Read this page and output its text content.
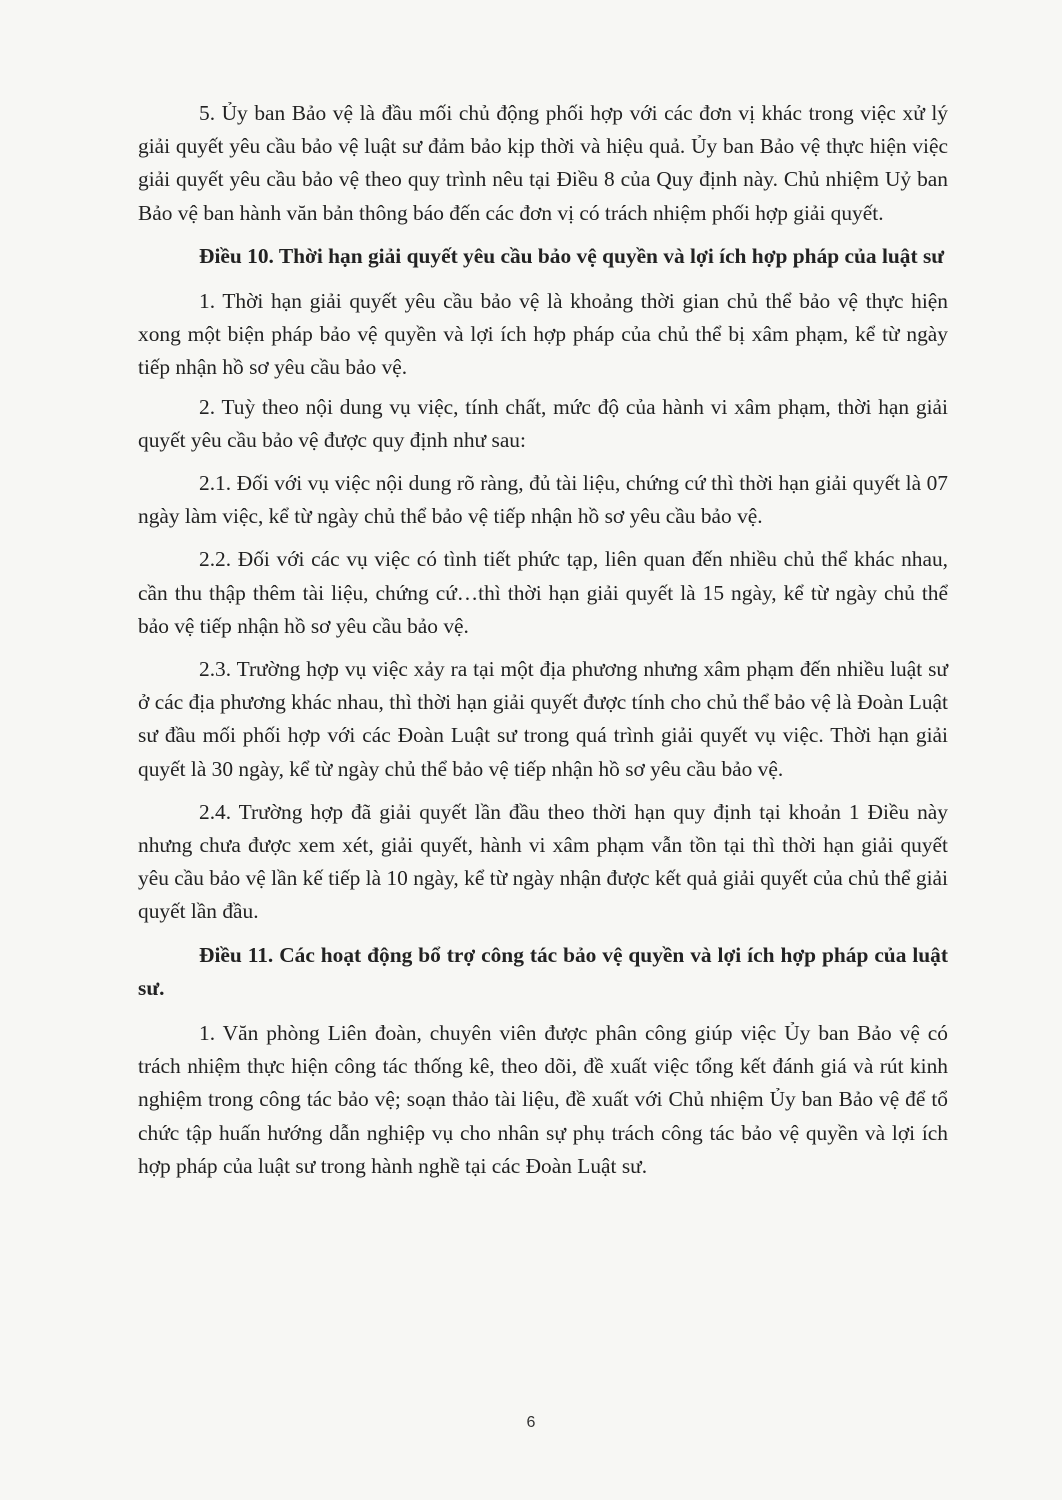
5. Ủy ban Bảo vệ là đầu mối chủ động phối hợp với các đơn vị khác trong việc xử lý giải quyết yêu cầu bảo vệ luật sư đảm bảo kịp thời và hiệu quả. Ủy ban Bảo vệ thực hiện việc giải quyết yêu cầu bảo vệ theo quy trình nêu tại Điều 8 của Quy định này. Chủ nhiệm Uỷ ban Bảo vệ ban hành văn bản thông báo đến các đơn vị có trách nhiệm phối hợp giải quyết.

Điều 10. Thời hạn giải quyết yêu cầu bảo vệ quyền và lợi ích hợp pháp của luật sư

1. Thời hạn giải quyết yêu cầu bảo vệ là khoảng thời gian chủ thể bảo vệ thực hiện xong một biện pháp bảo vệ quyền và lợi ích hợp pháp của chủ thể bị xâm phạm, kể từ ngày tiếp nhận hồ sơ yêu cầu bảo vệ.

2. Tuỳ theo nội dung vụ việc, tính chất, mức độ của hành vi xâm phạm, thời hạn giải quyết yêu cầu bảo vệ được quy định như sau:

2.1. Đối với vụ việc nội dung rõ ràng, đủ tài liệu, chứng cứ thì thời hạn giải quyết là 07 ngày làm việc, kể từ ngày chủ thể bảo vệ tiếp nhận hồ sơ yêu cầu bảo vệ.

2.2. Đối với các vụ việc có tình tiết phức tạp, liên quan đến nhiều chủ thể khác nhau, cần thu thập thêm tài liệu, chứng cứ…thì thời hạn giải quyết là 15 ngày, kể từ ngày chủ thể bảo vệ tiếp nhận hồ sơ yêu cầu bảo vệ.

2.3. Trường hợp vụ việc xảy ra tại một địa phương nhưng xâm phạm đến nhiều luật sư ở các địa phương khác nhau, thì thời hạn giải quyết được tính cho chủ thể bảo vệ là Đoàn Luật sư đầu mối phối hợp với các Đoàn Luật sư trong quá trình giải quyết vụ việc. Thời hạn giải quyết là 30 ngày, kể từ ngày chủ thể bảo vệ tiếp nhận hồ sơ yêu cầu bảo vệ.

2.4. Trường hợp đã giải quyết lần đầu theo thời hạn quy định tại khoản 1 Điều này nhưng chưa được xem xét, giải quyết, hành vi xâm phạm vẫn tồn tại thì thời hạn giải quyết yêu cầu bảo vệ lần kế tiếp là 10 ngày, kể từ ngày nhận được kết quả giải quyết của chủ thể giải quyết lần đầu.

Điều 11. Các hoạt động bổ trợ công tác bảo vệ quyền và lợi ích hợp pháp của luật sư.

1. Văn phòng Liên đoàn, chuyên viên được phân công giúp việc Ủy ban Bảo vệ có trách nhiệm thực hiện công tác thống kê, theo dõi, đề xuất việc tổng kết đánh giá và rút kinh nghiệm trong công tác bảo vệ; soạn thảo tài liệu, đề xuất với Chủ nhiệm Ủy ban Bảo vệ để tổ chức tập huấn hướng dẫn nghiệp vụ cho nhân sự phụ trách công tác bảo vệ quyền và lợi ích hợp pháp của luật sư trong hành nghề tại các Đoàn Luật sư.

6
